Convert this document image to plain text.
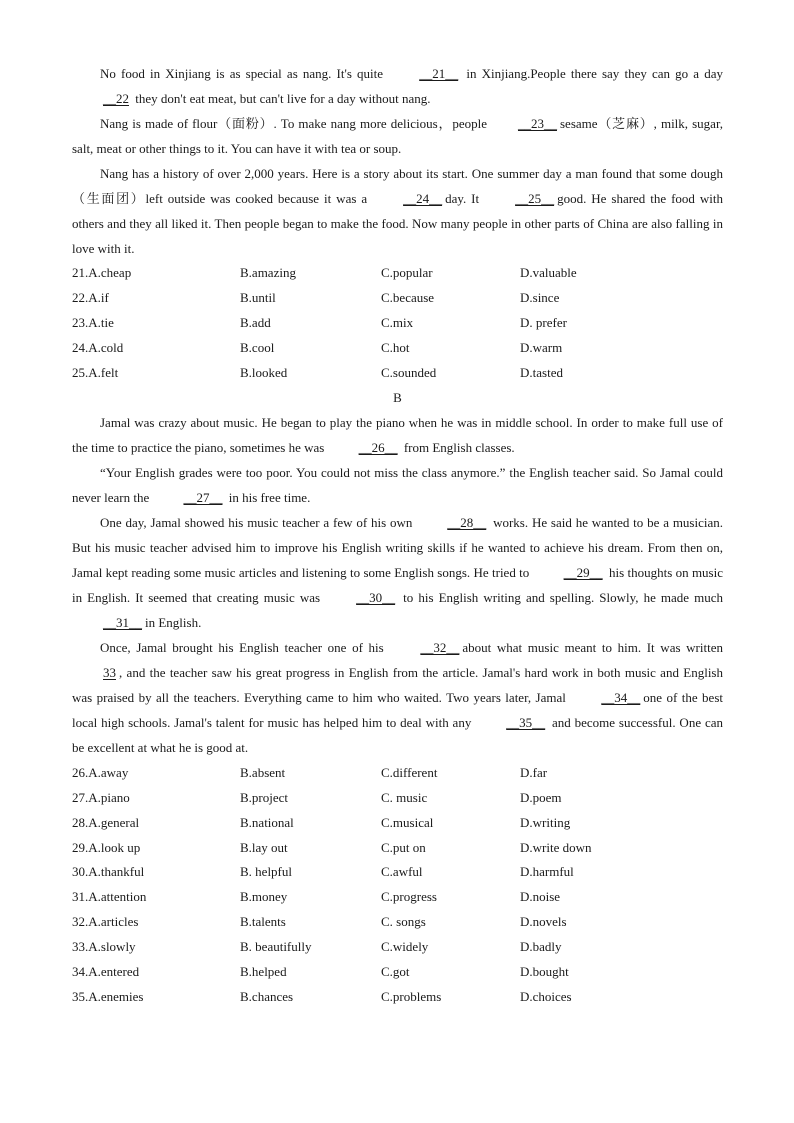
No food in Xinjiang is as special as nang. It's quite __21__ in Xinjiang.People there say they can go a day __22 they don't eat meat, but can't live for a day without nang.

Nang is made of flour（面粉）. To make nang more delicious，people __23__ sesame（芝麻）, milk, sugar, salt, meat or other things to it. You can have it with tea or soup.

Nang has a history of over 2,000 years. Here is a story about its start. One summer day a man found that some dough（生面团）left outside was cooked because it was a __24__ day. It __25__ good. He shared the food with others and they all liked it. Then people began to make the food. Now many people in other parts of China are also falling in love with it.

21.A.cheap	B.amazing	C.popular	D.valuable
22.A.if	B.until	C.because	D.since
23.A.tie	B.add	C.mix	D. prefer
24.A.cold	B.cool	C.hot	D.warm
25.A.felt	B.looked	C.sounded	D.tasted
B

Jamal was crazy about music. He began to play the piano when he was in middle school. In order to make full use of the time to practice the piano, sometimes he was __26__ from English classes.

“Your English grades were too poor. You could not miss the class anymore.” the English teacher said. So Jamal could never learn the __27__ in his free time.

One day, Jamal showed his music teacher a few of his own __28__ works. He said he wanted to be a musician. But his music teacher advised him to improve his English writing skills if he wanted to achieve his dream. From then on, Jamal kept reading some music articles and listening to some English songs. He tried to __29__ his thoughts on music in English. It seemed that creating music was __30__ to his English writing and spelling. Slowly, he made much __31__ in English.

Once, Jamal brought his English teacher one of his __32__ about what music meant to him. It was written 33 , and the teacher saw his great progress in English from the article. Jamal's hard work in both music and English was praised by all the teachers. Everything came to him who waited. Two years later, Jamal __34__ one of the best local high schools. Jamal's talent for music has helped him to deal with any __35__ and become successful. One can be excellent at what he is good at.

26.A.away	B.absent	C.different	D.far
27.A.piano	B.project	C. music	D.poem
28.A.general	B.national	C.musical	D.writing
29.A.look up	B.lay out	C.put on	D.write down
30.A.thankful	B. helpful	C.awful	D.harmful
31.A.attention	B.money	C.progress	D.noise
32.A.articles	B.talents	C. songs	D.novels
33.A.slowly	B. beautifully	C.widely	D.badly
34.A.entered	B.helped	C.got	D.bought
35.A.enemies	B.chances	C.problems	D.choices
